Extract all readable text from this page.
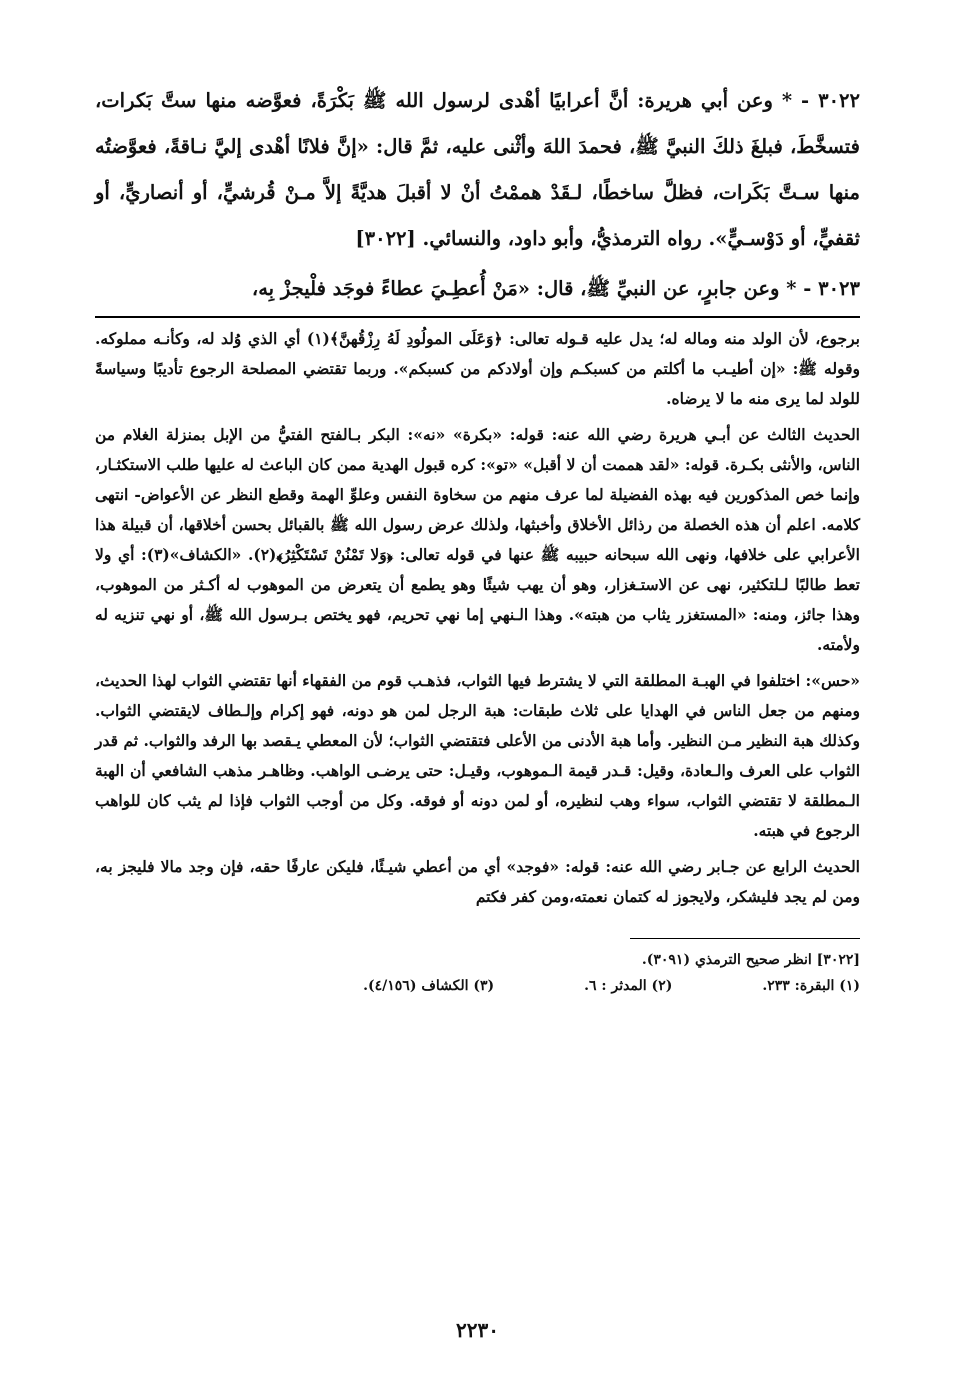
٣٠٢٢ - * وعن أبي هريرة: أنَّ أعرابيًا أهْدى لرسول الله ﷺ بَكْرَةً، فعوَّضه منها ستَّ بَكرات، فتسخَّطَ، فبلغَ ذلكَ النبيَّ ﷺ، فحمدَ اللهَ وأثْنى عليه، ثمَّ قال: «إنَّ فلانًا أهْدى إليَّ نـاقةً، فعوَّضتُه منها سـتَّ بَكَرات، فظلَّ ساخطًا، لـقَدْ هممْتُ أنْ لا أقبلَ هديَّةً إلاَّ مـنْ قُرشيٍّ، أو أنصاريٍّ، أو ثقفيٍّ، أو دَوْسـيٍّ». رواه الترمذيُّ، وأبو داود، والنسائي. [٣٠٢٢]

٣٠٢٣ - * وعن جابرٍ، عن النبيِّ ﷺ، قال: «مَنْ أُعطِـيَ عطاءً فوجَد فلْيجزْ بِه،

برجوع، لأن الولد منه وماله له؛ يدل عليه قـوله تعالى: ﴿وَعَلَى المولُودِ لَهُ رِزْقُهنَّ﴾(١) أي الذي وُلد له، وكأنـه مملوكه. وقوله ﷺ: «إن أطيـب ما أكلتم من كسبكـم وإن أولادكم من كسبكم». وربما تقتضي المصلحة الرجوع تأديبًا وسياسةً للولد لما يرى منه ما لا يرضاه.

الحديث الثالث عن أبـي هريرة رضي الله عنه: قوله: «بكرة» «نه»: البكر بـالفتح الفتيُّ من الإبل بمنزلة الغلام من الناس، والأنثى بكـرة. قوله: «لقد هممت أن لا أقبل» «تو»: كره قبول الهدية ممن كان الباعث له عليها طلب الاستكثـار، وإنما خص المذكورين فيه بهذه الفضيلة لما عرف منهم من سخاوة النفس وعلوِّ الهمة وقطع النظر عن الأعواض- انتهى كلامه. اعلم أن هذه الخصلة من رذائل الأخلاق وأخبثها، ولذلك عرض رسول الله ﷺ بالقبائل بحسن أخلاقها، أن قبيلة هذا الأعرابي على خلافها، ونهى الله سبحانه حبيبه ﷺ عنها في قوله تعالى: ﴿وَلا تَمْنُنْ تَسْتَكْثِرُ﴾(٢). «الكشاف»(٣): أي ولا تعط طالبًا لـلتكثير، نهى عن الاستـغزار، وهو أن يهب شيئًا وهو يطمع أن يتعرض من الموهوب له أكـثر من الموهوب، وهذا جائز، ومنه: «المستغزر يثاب من هبته». وهذا الـنهي إما نهي تحريم، فهو يختص بـرسول الله ﷺ، أو نهي تنزيه له ولأمته.

«حس»: اختلفوا في الهبـة المطلقة التي لا يشترط فيها الثواب، فذهـب قوم من الفقهاء أنها تقتضي الثواب لهذا الحديث، ومنهم من جعل الناس في الهدايا على ثلاث طبقات: هبة الرجل لمن هو دونه، فهو إكرام وإلـطاف لايقتضي الثواب. وكذلك هبة النظير مـن النظير. وأما هبة الأدنى من الأعلى فتقتضي الثواب؛ لأن المعطي يـقصد بها الرفد والثواب. ثم قدر الثواب على العرف والـعادة، وقيل: قـدر قيمة الـموهوب، وقيـل: حتى يرضـى الواهب. وظاهـر مذهب الشافعي أن الهبة الـمطلقة لا تقتضي الثواب، سواء وهب لنظيره، أو لمن دونه أو فوقه. وكل من أوجب الثواب فإذا لم يثب كان للواهب الرجوع في هبته.

الحديث الرابع عن جـابر رضي الله عنه: قوله: «فوجد» أي من أعطي شيـئًا، فليكن عارفًا حقه، فإن وجد مالا فليجز به، ومن لم يجد فليشكر، ولايجوز له كتمان نعمته،ومن كفر فكتم

[٣٠٢٢] انظر صحيح الترمذي (٣٠٩١).
(١) البقرة: ٢٣٣.
(٢) المدثر : ٦.
(٣) الكشاف (٤/١٥٦).
٢٢٣٠
